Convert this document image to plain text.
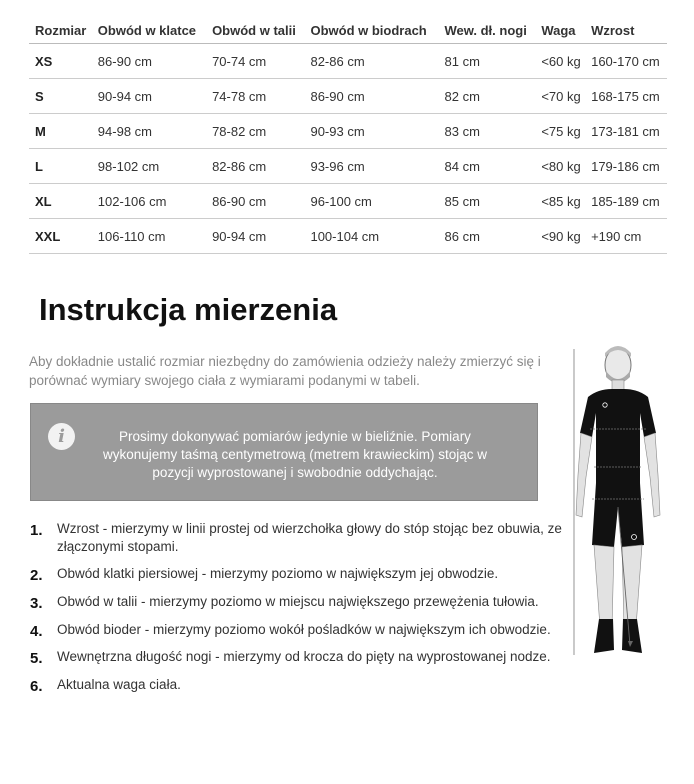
Rozmiar	Obwód w klatce	Obwód w talii	Obwód w biodrach	Wew. dł. nogi	Waga	Wzrost
XS	86-90 cm	70-74 cm	82-86 cm	81 cm	<60 kg	160-170 cm
S	90-94 cm	74-78 cm	86-90 cm	82 cm	<70 kg	168-175 cm
M	94-98 cm	78-82 cm	90-93 cm	83 cm	<75 kg	173-181 cm
L	98-102 cm	82-86 cm	93-96 cm	84 cm	<80 kg	179-186 cm
XL	102-106 cm	86-90 cm	96-100 cm	85 cm	<85 kg	185-189 cm
XXL	106-110 cm	90-94 cm	100-104 cm	86 cm	<90 kg	+190 cm
Instrukcja mierzenia

Aby dokładnie ustalić rozmiar niezbędny do zamówienia odzieży należy zmierzyć się i porównać wymiary swojego ciała z wymiarami podanymi w tabeli.

i	Prosimy dokonywać pomiarów jedynie w bieliźnie. Pomiary wykonujemy taśmą centymetrową (metrem krawieckim) stojąc w pozycji wyprostowanej i swobodnie oddychając.

1. Wzrost - mierzymy w linii prostej od wierzchołka głowy do stóp stojąc bez obuwia, ze złączonymi stopami.
2. Obwód klatki piersiowej - mierzymy poziomo w największym jej obwodzie.
3. Obwód w talii - mierzymy poziomo w miejscu największego przewężenia tułowia.
4. Obwód bioder - mierzymy poziomo wokół pośladków w największym ich obwodzie.
5. Wewnętrzna długość nogi - mierzymy od krocza do pięty na wyprostowanej nodze.
6. Aktualna waga ciała.
